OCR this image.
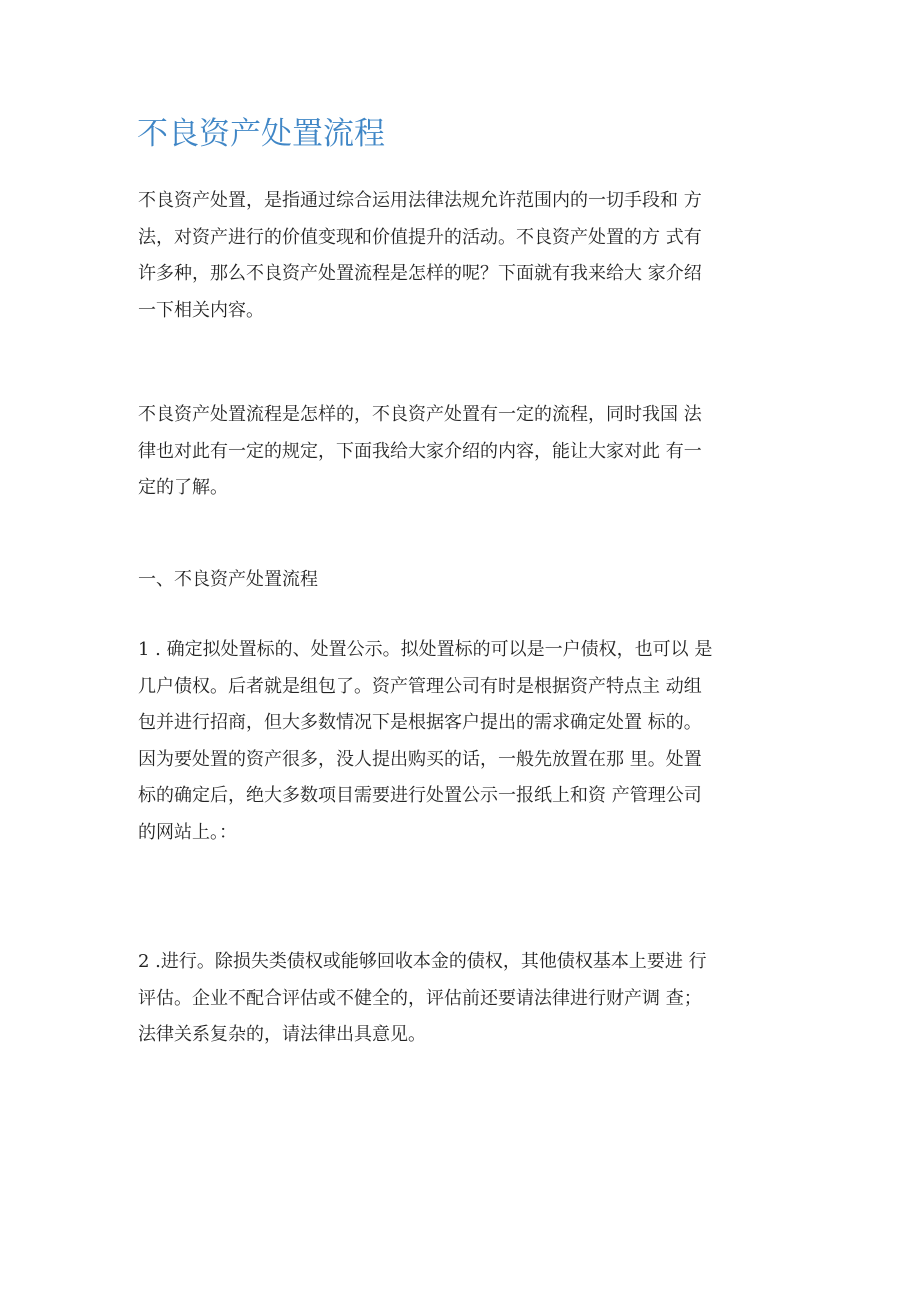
不良资产处置流程
不良资产处置，是指通过综合运用法律法规允许范围内的一切手段和 方
法，对资产进行的价值变现和价值提升的活动。不良资产处置的方 式有
许多种，那么不良资产处置流程是怎样的呢？下面就有我来给大 家介绍
一下相关内容。
不良资产处置流程是怎样的，不良资产处置有一定的流程，同时我国 法
律也对此有一定的规定，下面我给大家介绍的内容，能让大家对此 有一
定的了解。
一、不良资产处置流程
1 . 确定拟处置标的、处置公示。拟处置标的可以是一户债权，也可以 是
几户债权。后者就是组包了。资产管理公司有时是根据资产特点主 动组
包并进行招商，但大多数情况下是根据客户提出的需求确定处置 标的。
因为要处置的资产很多，没人提出购买的话，一般先放置在那 里。处置
标的确定后，绝大多数项目需要进行处置公示一报纸上和资 产管理公司
的网站上。：
2 .进行。除损失类债权或能够回收本金的债权，其他债权基本上要进 行
评估。企业不配合评估或不健全的，评估前还要请法律进行财产调 查；
法律关系复杂的，请法律出具意见。
